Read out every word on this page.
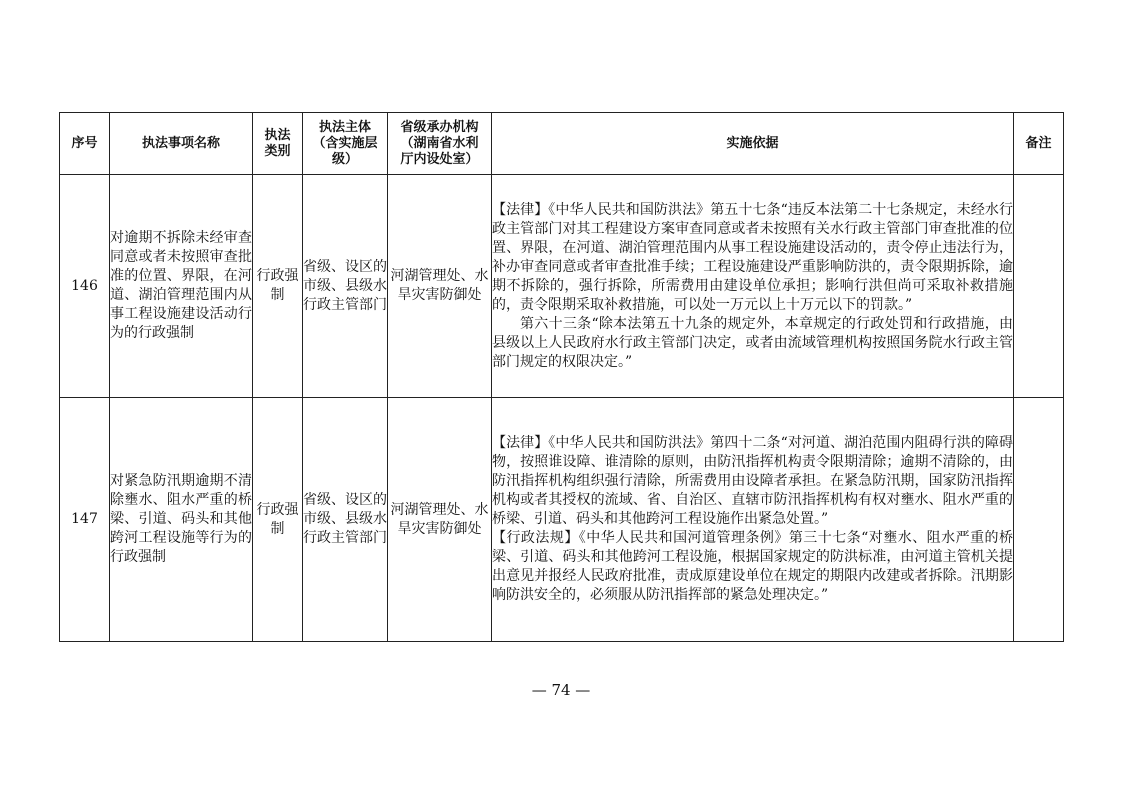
序号	执法事项名称	执法类别	执法主体（含实施层级）	省级承办机构（湖南省水利厅内设处室）	实施依据	备注
146	对逾期不拆除未经审查同意或者未按照审查批准的位置、界限，在河道、湖泊管理范围内从事工程设施建设活动行为的行政强制	行政强制	省级、设区的市级、县级水行政主管部门	河湖管理处、水旱灾害防御处	【法律】《中华人民共和国防洪法》第五十七条“违反本法第二十七条规定，未经水行政主管部门对其工程建设方案审查同意或者未按照有关水行政主管部门审查批准的位置、界限，在河道、湖泊管理范围内从事工程设施建设活动的，责令停止违法行为，补办审查同意或者审查批准手续；工程设施建设严重影响防洪的，责令限期拆除，逾期不拆除的，强行拆除，所需费用由建设单位承担；影响行洪但尚可采取补救措施的，责令限期采取补救措施，可以处一万元以上十万元以下的罚款。”

第六十三条“除本法第五十九条的规定外，本章规定的行政处罚和行政措施，由县级以上人民政府水行政主管部门决定，或者由流域管理机构按照国务院水行政主管部门规定的权限决定。”	

147	对紧急防汛期逾期不清除壅水、阻水严重的桥梁、引道、码头和其他跨河工程设施等行为的行政强制	行政强制	省级、设区的市级、县级水行政主管部门	河湖管理处、水旱灾害防御处	【法律】《中华人民共和国防洪法》第四十二条“对河道、湖泊范围内阻碍行洪的障碍物，按照谁设障、谁清除的原则，由防汛指挥机构责令限期清除；逾期不清除的，由防汛指挥机构组织强行清除，所需费用由设障者承担。在紧急防汛期，国家防汛指挥机构或者其授权的流域、省、自治区、直辖市防汛指挥机构有权对壅水、阻水严重的桥梁、引道、码头和其他跨河工程设施作出紧急处置。”

【行政法规】《中华人民共和国河道管理条例》第三十七条“对壅水、阻水严重的桥梁、引道、码头和其他跨河工程设施，根据国家规定的防洪标准，由河道主管机关提出意见并报经人民政府批准，责成原建设单位在规定的期限内改建或者拆除。汛期影响防洪安全的，必须服从防汛指挥部的紧急处理决定。”	

— 74 —
